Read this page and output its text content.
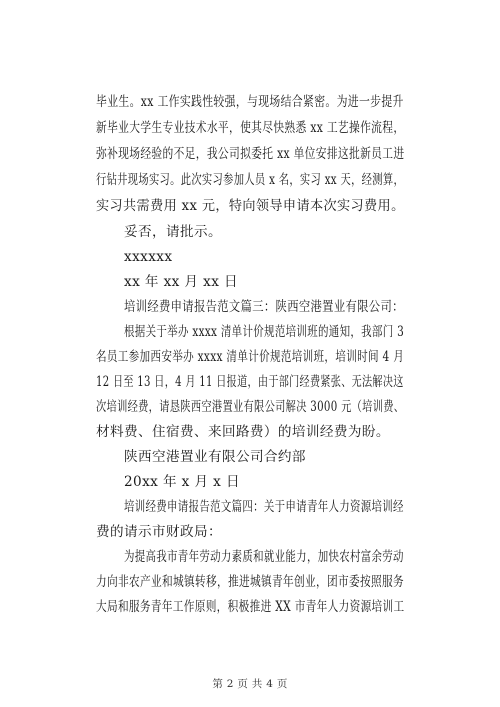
毕业生。xx 工作实践性较强，与现场结合紧密。为进一步提升
新毕业大学生专业技术水平，使其尽快熟悉 xx 工艺操作流程，
弥补现场经验的不足，我公司拟委托 xx 单位安排这批新员工进
行钻井现场实习。此次实习参加人员 x 名，实习 xx 天，经测算，
实习共需费用 xx 元，特向领导申请本次实习费用。
妥否，请批示。
xxxxxx
xx 年 xx 月 xx 日
培训经费申请报告范文篇三：陕西空港置业有限公司：
根据关于举办 xxxx 清单计价规范培训班的通知，我部门 3
名员工参加西安举办 xxxx 清单计价规范培训班，培训时间 4 月
12 日至 13 日，4 月 11 日报道，由于部门经费紧张、无法解决这
次培训经费，请恳陕西空港置业有限公司解决 3000 元（培训费、
材料费、住宿费、来回路费）的培训经费为盼。
陕西空港置业有限公司合约部
20xx 年 x 月 x 日
培训经费申请报告范文篇四：关于申请青年人力资源培训经
费的请示市财政局：
为提高我市青年劳动力素质和就业能力，加快农村富余劳动
力向非农产业和城镇转移，推进城镇青年创业，团市委按照服务
大局和服务青年工作原则，积极推进 XX 市青年人力资源培训工
第 2 页 共 4 页
